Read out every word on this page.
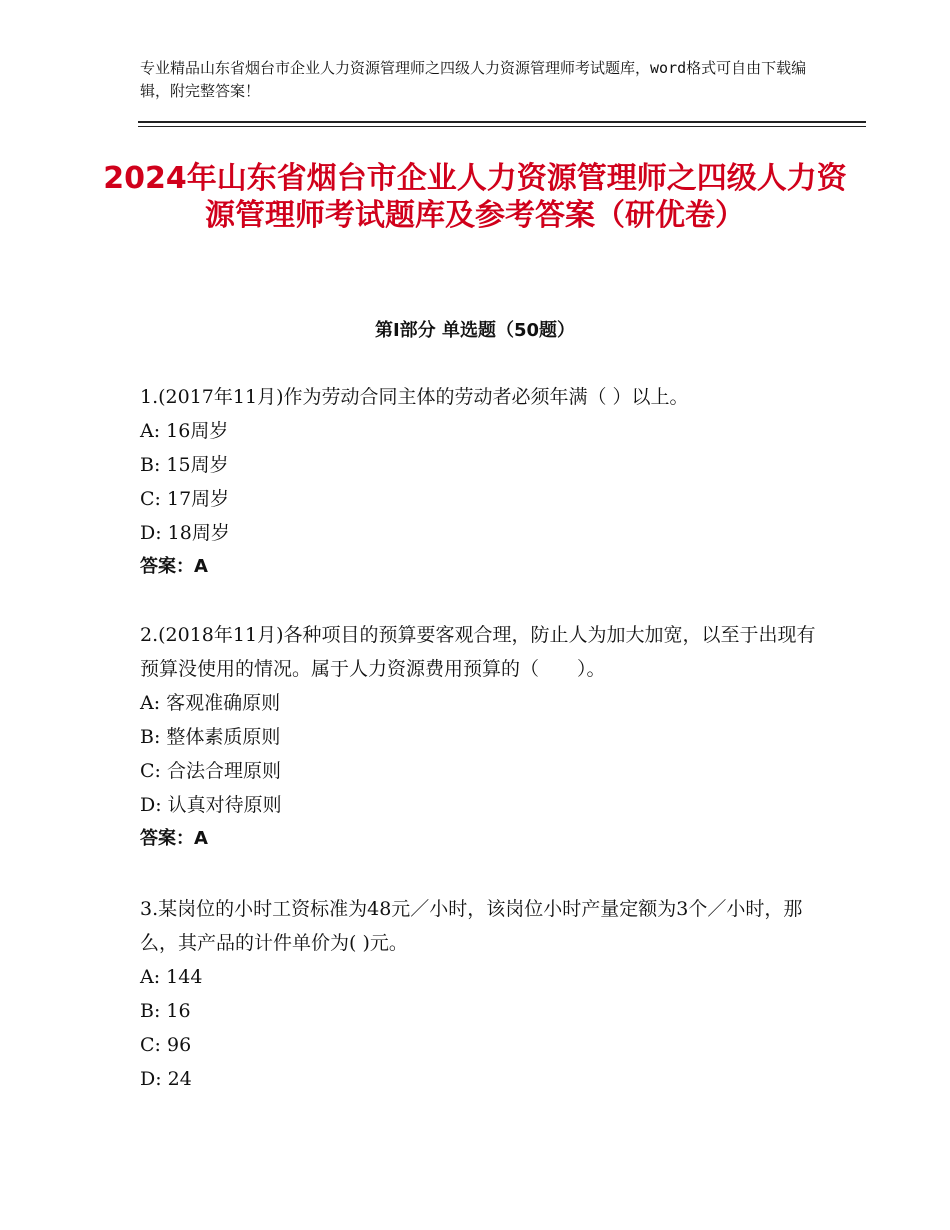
专业精品山东省烟台市企业人力资源管理师之四级人力资源管理师考试题库，word格式可自由下载编辑，附完整答案！
2024年山东省烟台市企业人力资源管理师之四级人力资源管理师考试题库及参考答案（研优卷）
第Ⅰ部分 单选题（50题）
1.(2017年11月)作为劳动合同主体的劳动者必须年满（ ）以上。
A: 16周岁
B: 15周岁
C: 17周岁
D: 18周岁
答案：A
2.(2018年11月)各种项目的预算要客观合理，防止人为加大加宽，以至于出现有预算没使用的情况。属于人力资源费用预算的（　　）。
A: 客观准确原则
B: 整体素质原则
C: 合法合理原则
D: 认真对待原则
答案：A
3.某岗位的小时工资标准为48元／小时，该岗位小时产量定额为3个／小时，那么，其产品的计件单价为( )元。
A: 144
B: 16
C: 96
D: 24
